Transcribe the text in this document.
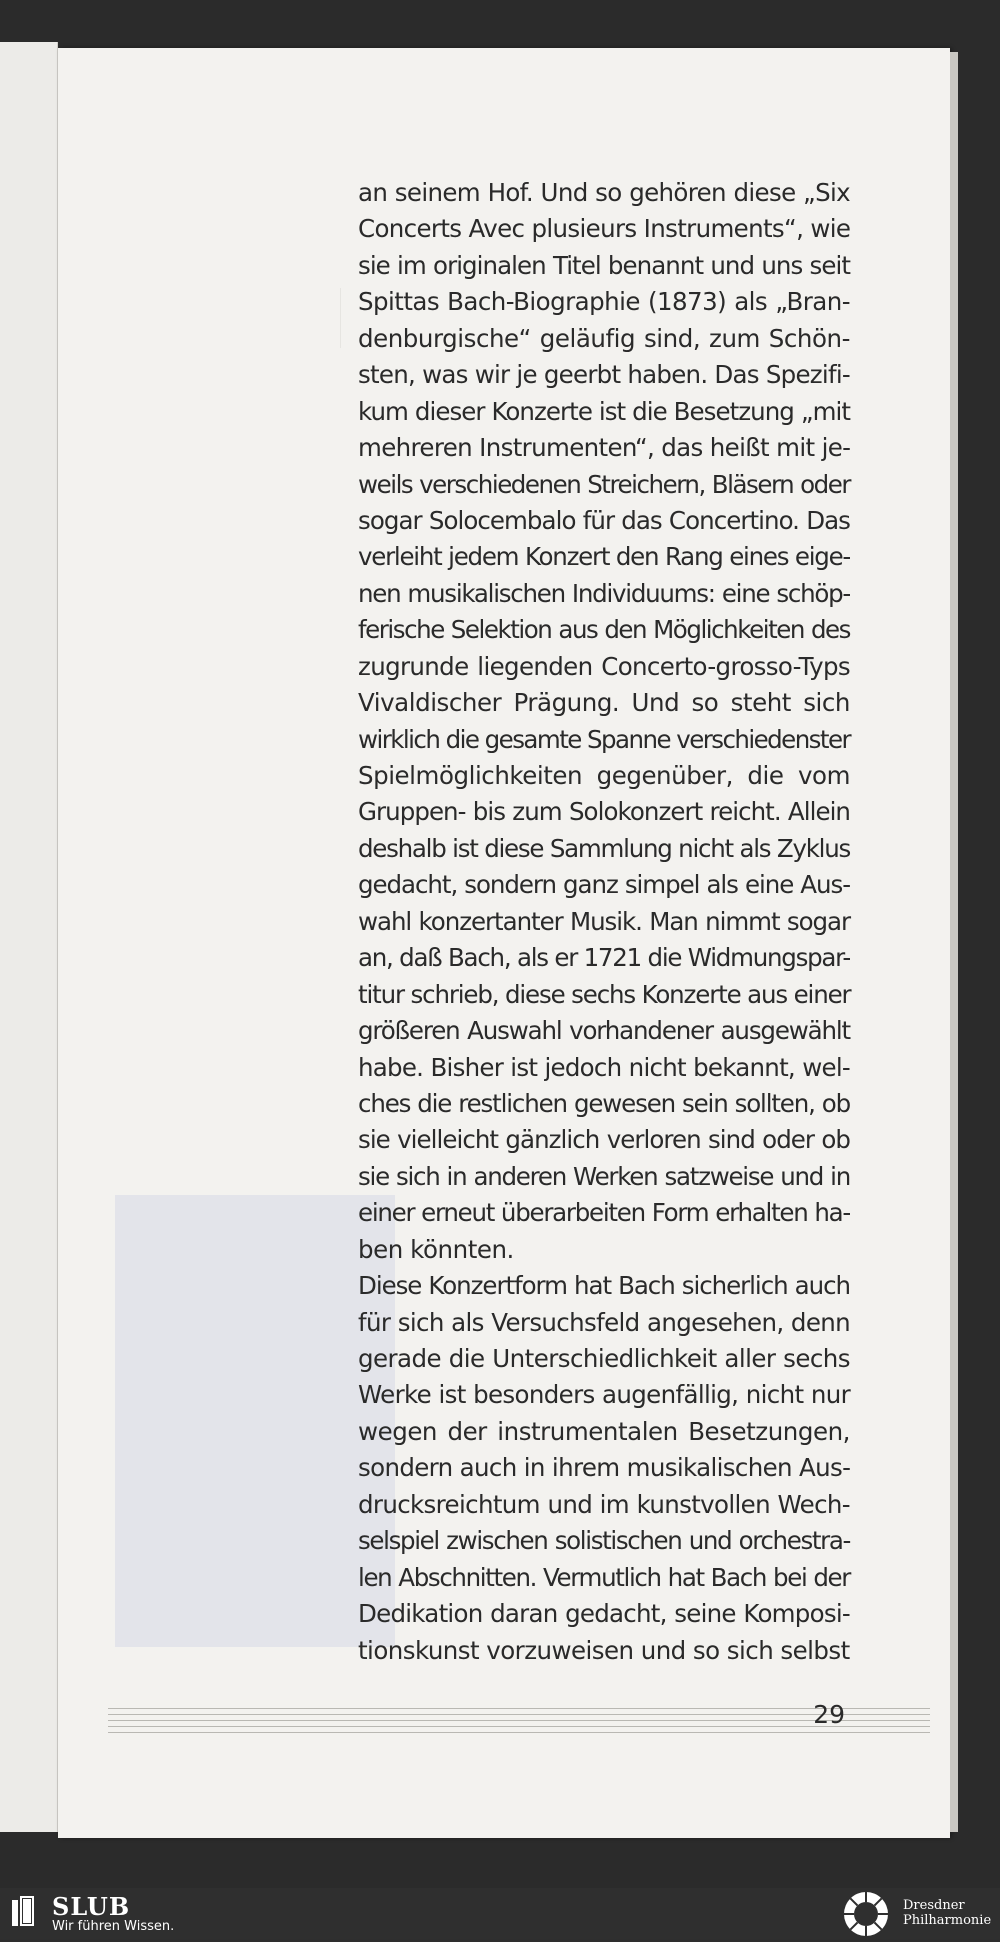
an seinem Hof. Und so gehören diese „Six
Concerts Avec plusieurs Instruments“, wie
sie im originalen Titel benannt und uns seit
Spittas Bach-Biographie (1873) als „Bran-
denburgische“ geläufig sind, zum Schön-
sten, was wir je geerbt haben. Das Spezifi-
kum dieser Konzerte ist die Besetzung „mit
mehreren Instrumenten“, das heißt mit je-
weils verschiedenen Streichern, Bläsern oder
sogar Solocembalo für das Concertino. Das
verleiht jedem Konzert den Rang eines eige-
nen musikalischen Individuums: eine schöp-
ferische Selektion aus den Möglichkeiten des
zugrunde liegenden Concerto-grosso-Typs
Vivaldischer Prägung. Und so steht sich
wirklich die gesamte Spanne verschiedenster
Spielmöglichkeiten gegenüber, die vom
Gruppen- bis zum Solokonzert reicht. Allein
deshalb ist diese Sammlung nicht als Zyklus
gedacht, sondern ganz simpel als eine Aus-
wahl konzertanter Musik. Man nimmt sogar
an, daß Bach, als er 1721 die Widmungspar-
titur schrieb, diese sechs Konzerte aus einer
größeren Auswahl vorhandener ausgewählt
habe. Bisher ist jedoch nicht bekannt, wel-
ches die restlichen gewesen sein sollten, ob
sie vielleicht gänzlich verloren sind oder ob
sie sich in anderen Werken satzweise und in
einer erneut überarbeiten Form erhalten ha-
ben könnten.
Diese Konzertform hat Bach sicherlich auch
für sich als Versuchsfeld angesehen, denn
gerade die Unterschiedlichkeit aller sechs
Werke ist besonders augenfällig, nicht nur
wegen der instrumentalen Besetzungen,
sondern auch in ihrem musikalischen Aus-
drucksreichtum und im kunstvollen Wech-
selspiel zwischen solistischen und orchestra-
len Abschnitten. Vermutlich hat Bach bei der
Dedikation daran gedacht, seine Komposi-
tionskunst vorzuweisen und so sich selbst
29
SLUB
Wir führen Wissen.
Dresdner
Philharmonie
